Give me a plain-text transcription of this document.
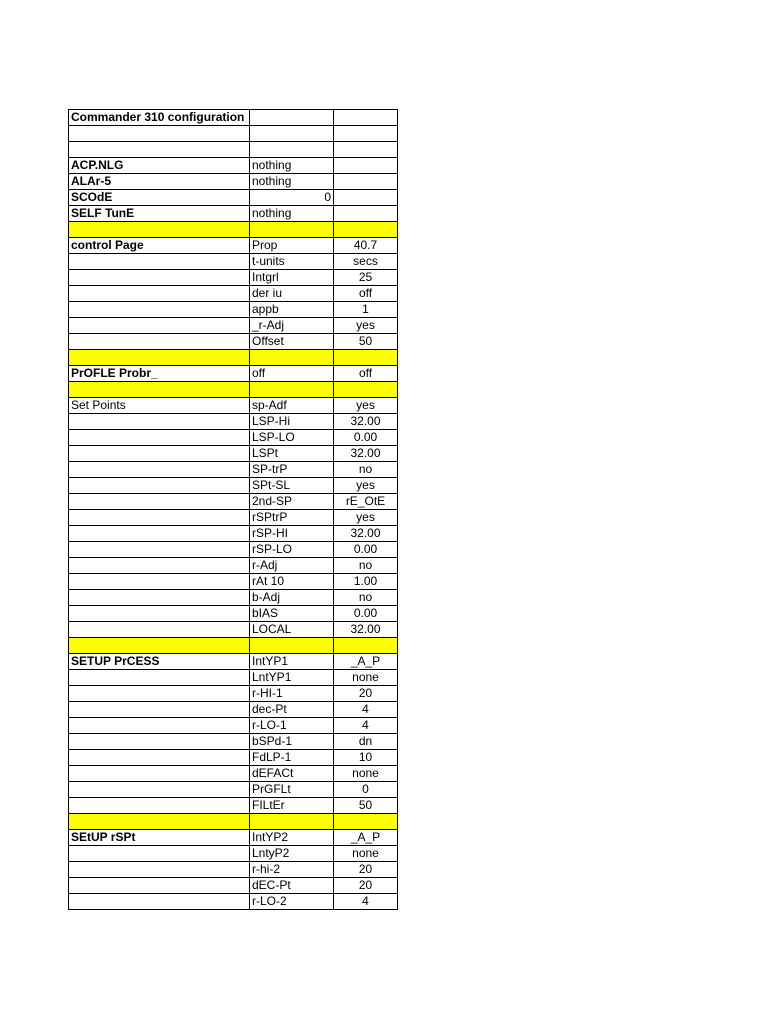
Commander 310 configuration		

ACP.NLG	nothing	
ALAr-5	nothing	
SCOdE	0	
SELF TunE	nothing	

control Page	Prop	40.7
	t-units	secs
	Intgrl	25
	der iu	off
	appb	1
	_r-Adj	yes
	Offset	50

PrOFLE Probr_	off	off

Set Points	sp-Adf	yes
	LSP-Hi	32.00
	LSP-LO	0.00
	LSPt	32.00
	SP-trP	no
	SPt-SL	yes
	2nd-SP	rE_OtE
	rSPtrP	yes
	rSP-HI	32.00
	rSP-LO	0.00
	r-Adj	no
	rAt 10	1.00
	b-Adj	no
	bIAS	0.00
	LOCAL	32.00

SETUP PrCESS	IntYP1	_A_P
	LntYP1	none
	r-HI-1	20
	dec-Pt	4
	r-LO-1	4
	bSPd-1	dn
	FdLP-1	10
	dEFACt	none
	PrGFLt	0
	FILtEr	50

SEtUP rSPt	IntYP2	_A_P
	LntyP2	none
	r-hi-2	20
	dEC-Pt	20
	r-LO-2	4
